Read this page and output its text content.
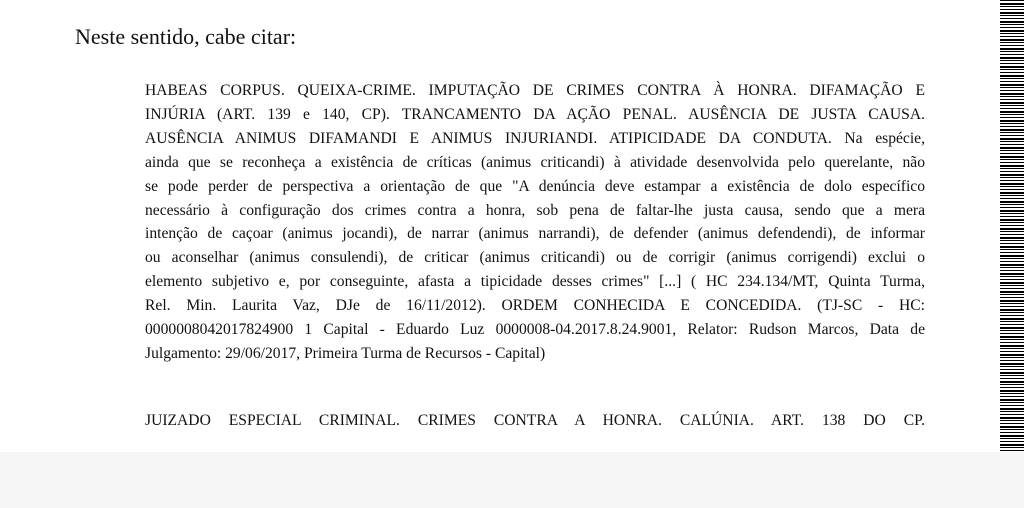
Neste sentido, cabe citar:

HABEAS CORPUS. QUEIXA-CRIME. IMPUTAÇÃO DE CRIMES CONTRA À HONRA. DIFAMAÇÃO E
INJÚRIA (ART. 139 e 140, CP). TRANCAMENTO DA AÇÃO PENAL. AUSÊNCIA DE JUSTA CAUSA.
AUSÊNCIA ANIMUS DIFAMANDI E ANIMUS INJURIANDI. ATIPICIDADE DA CONDUTA. Na espécie,
ainda que se reconheça a existência de críticas (animus criticandi) à atividade desenvolvida pelo querelante, não
se pode perder de perspectiva a orientação de que "A denúncia deve estampar a existência de dolo específico
necessário à configuração dos crimes contra a honra, sob pena de faltar-lhe justa causa, sendo que a mera
intenção de caçoar (animus jocandi), de narrar (animus narrandi), de defender (animus defendendi), de informar
ou aconselhar (animus consulendi), de criticar (animus criticandi) ou de corrigir (animus corrigendi) exclui o
elemento subjetivo e, por conseguinte, afasta a tipicidade desses crimes" [...] ( HC 234.134/MT, Quinta Turma,
Rel. Min. Laurita Vaz, DJe de 16/11/2012). ORDEM CONHECIDA E CONCEDIDA. (TJ-SC - HC:
0000008042017824900 1 Capital - Eduardo Luz 0000008-04.2017.8.24.9001, Relator: Rudson Marcos, Data de
Julgamento: 29/06/2017, Primeira Turma de Recursos - Capital)
JUIZADO ESPECIAL CRIMINAL. CRIMES CONTRA A HONRA. CALÚNIA. ART. 138 DO CP.
